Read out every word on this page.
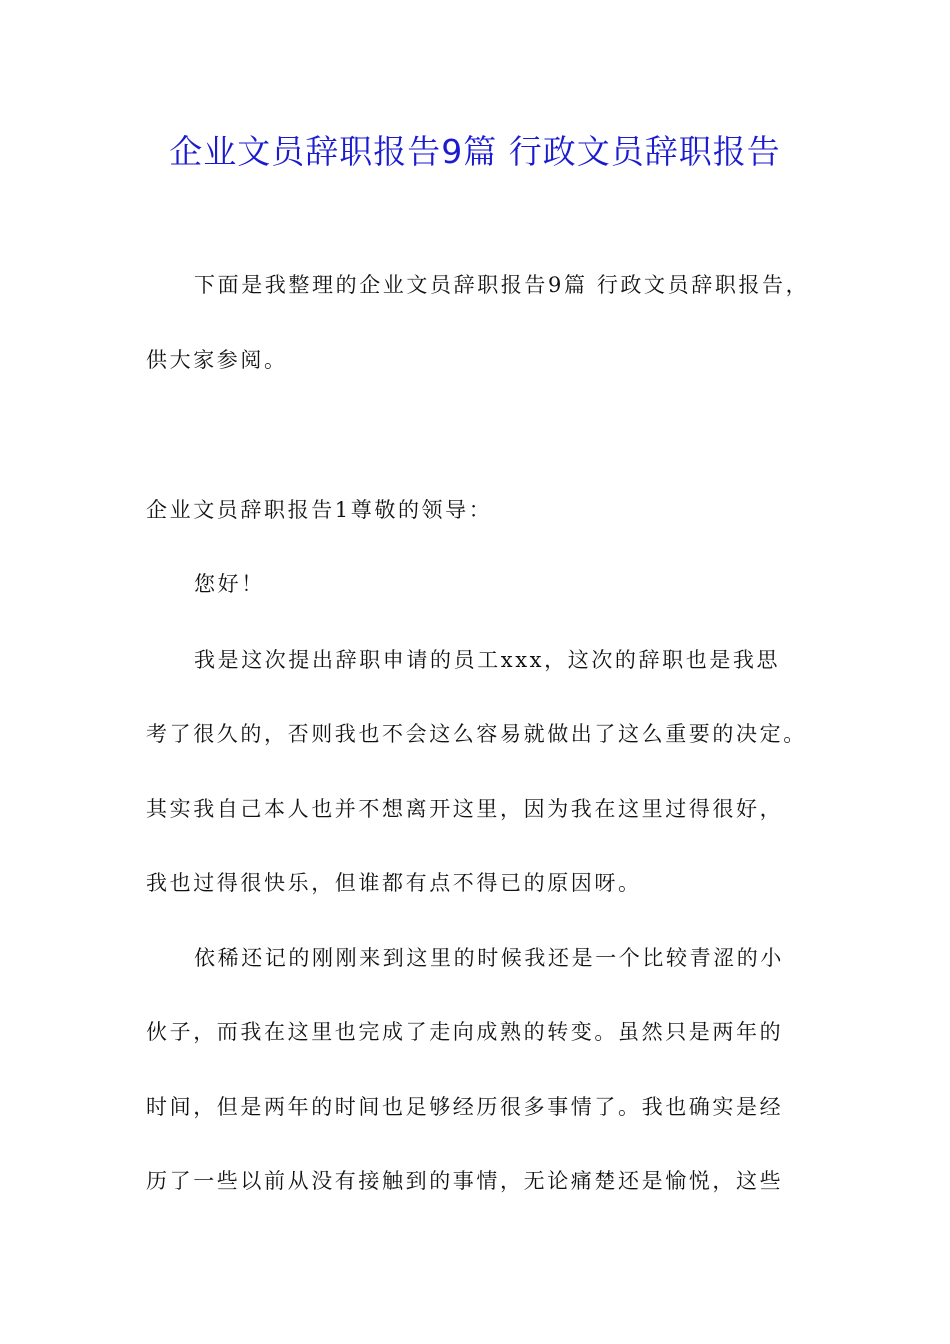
企业文员辞职报告9篇 行政文员辞职报告
下面是我整理的企业文员辞职报告9篇 行政文员辞职报告，
供大家参阅。
企业文员辞职报告1尊敬的领导：
您好！
我是这次提出辞职申请的员工xxx，这次的辞职也是我思
考了很久的，否则我也不会这么容易就做出了这么重要的决定。
其实我自己本人也并不想离开这里，因为我在这里过得很好，
我也过得很快乐，但谁都有点不得已的原因呀。
依稀还记的刚刚来到这里的时候我还是一个比较青涩的小
伙子，而我在这里也完成了走向成熟的转变。虽然只是两年的
时间，但是两年的时间也足够经历很多事情了。我也确实是经
历了一些以前从没有接触到的事情，无论痛楚还是愉悦，这些
